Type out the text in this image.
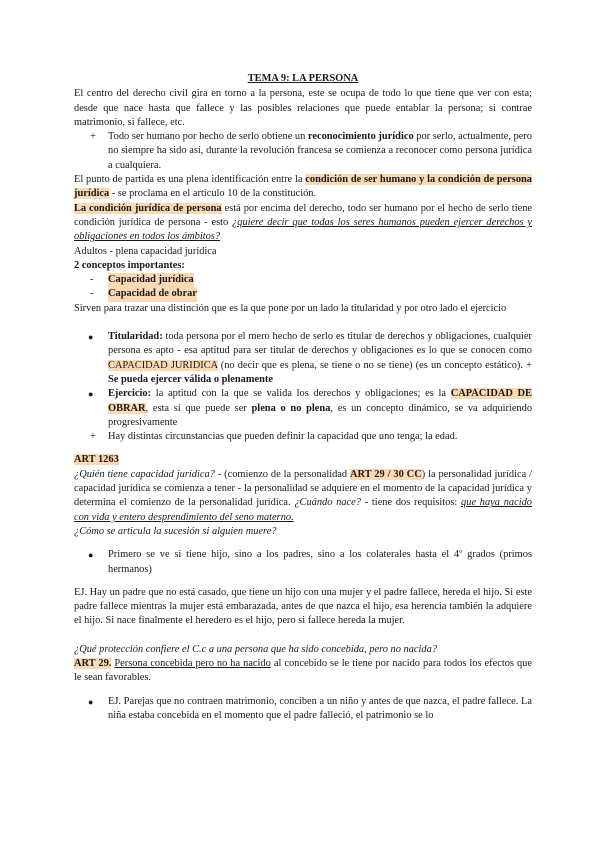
TEMA 9: LA PERSONA

El centro del derecho civil gira en torno a la persona, este se ocupa de todo lo que tiene que ver con esta; desde que nace hasta que fallece y las posibles relaciones que puede entablar la persona; si contrae matrimonio, si fallece, etc.

+	Todo ser humano por hecho de serlo obtiene un reconocimiento jurídico por serlo, actualmente, pero no siempre ha sido así, durante la revolución francesa se comienza a reconocer como persona jurídica a cualquiera.

El punto de partida es una plena identificación entre la condición de ser humano y la condición de persona jurídica - se proclama en el artículo 10 de la constitución.

La condición jurídica de persona está por encima del derecho, todo ser humano por el hecho de serlo tiene condición jurídica de persona - esto ¿quiere decir que todas los seres humanos pueden ejercer derechos y obligaciones en todos los ámbitos?

Adultos - plena capacidad jurídica

2 conceptos importantes:

-	Capacidad jurídica
-	Capacidad de obrar

Sirven para trazar una distinción que es la que pone por un lado la titularidad y por otro lado el ejercicio

●	Titularidad: toda persona por el mero hecho de serlo es titular de derechos y obligaciones, cualquier persona es apto - esa aptitud para ser titular de derechos y obligaciones es lo que se conocen como CAPACIDAD JURIDICA (no decir que es plena, se tiene o no se tiene) (es un concepto estático). + Se pueda ejercer válida o plenamente
●	Ejercicio: la aptitud con la que se valida los derechos y obligaciones; es la CAPACIDAD DE OBRAR, esta sí que puede ser plena o no plena, es un concepto dinámico, se va adquiriendo progresivamente
+	Hay distintas circunstancias que pueden definir la capacidad que uno tenga; la edad.

ART 1263

¿Quién tiene capacidad jurídica? - (comienzo de la personalidad ART 29 / 30 CC) la personalidad jurídica / capacidad jurídica se comienza a tener - la personalidad se adquiere en el momento de la capacidad jurídica y determina el comienzo de la personalidad jurídica. ¿Cuándo nace? - tiene dos requisitos: que haya nacido con vida y entero desprendimiento del seno materno.

¿Cómo se articula la sucesión si alguien muere?

●	Primero se ve si tiene hijo, sino a los padres, sino a los colaterales hasta el 4º grados (primos hermanos)

EJ. Hay un padre que no está casado, que tiene un hijo con una mujer y el padre fallece, hereda el hijo. Si este padre fallece mientras la mujer está embarazada, antes de que nazca el hijo, esa herencia también la adquiere el hijo. Si nace finalmente el heredero es el hijo, pero si fallece hereda la mujer.

¿Qué protección confiere el C.c a una persona que ha sido concebida, pero no nacida?

ART 29. Persona concebida pero no ha nacido al concebido se le tiene por nacido para todos los efectos que le sean favorables.

●	EJ. Parejas que no contraen matrimonio, conciben a un niño y antes de que nazca, el padre fallece. La niña estaba concebida en el momento que el padre falleció, el patrimonio se lo
